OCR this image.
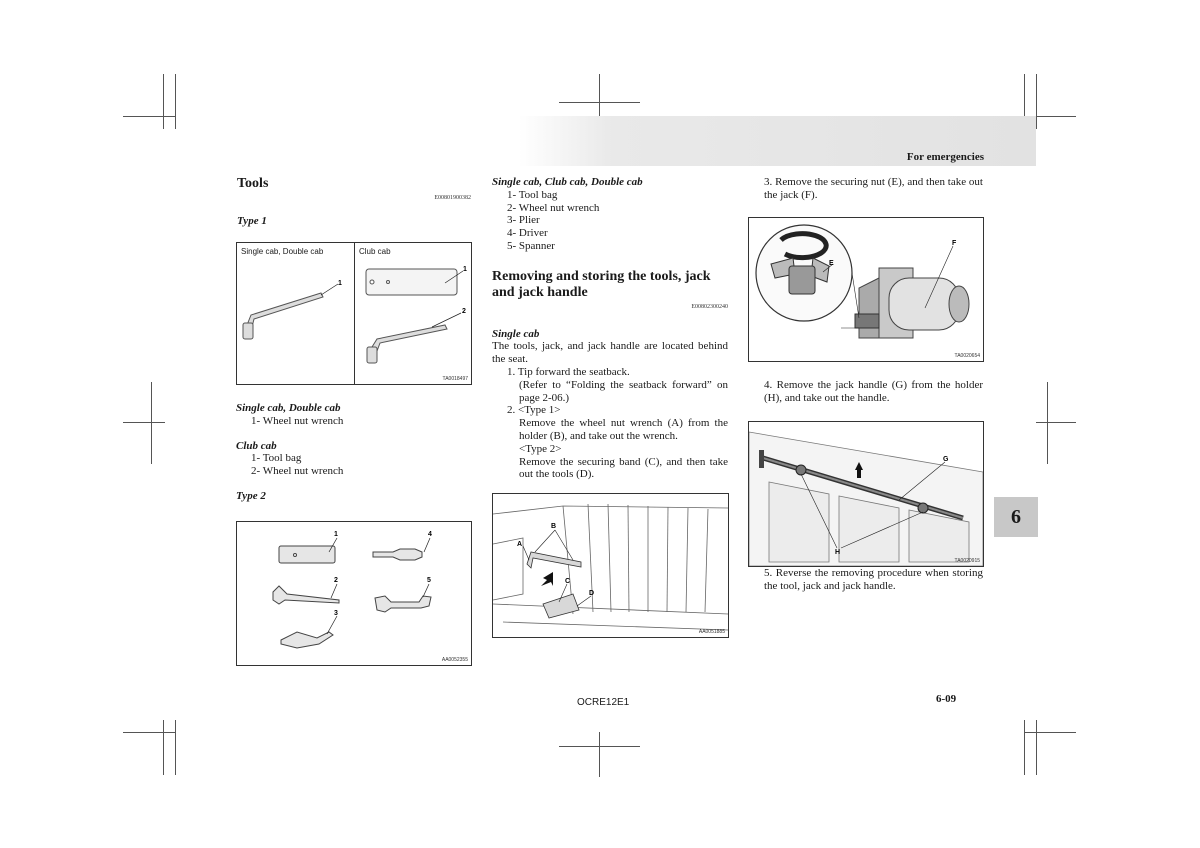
For emergencies
6
Tools
E00801900382
Type 1
Single cab, Double cab	Club cab
1
1
2
TA0018497
Single cab, Double cab
1- Wheel nut wrench
Club cab
1- Tool bag
2- Wheel nut wrench
Type 2
1
2
3
4
5
AA0052355
Single cab, Club cab, Double cab
1- Tool bag
2- Wheel nut wrench
3- Plier
4- Driver
5- Spanner
Removing and storing the tools, jack and jack handle
E00802300240
Single cab
The tools, jack, and jack handle are located behind the seat.
1. Tip forward the seatback.
(Refer to “Folding the seatback forward” on page 2-06.)
2. <Type 1>
Remove the wheel nut wrench (A) from the holder (B), and take out the wrench.
<Type 2>
Remove the securing band (C), and then take out the tools (D).
A
B
C
D
AA0051885
3. Remove the securing nut (E), and then take out the jack (F).
E
F
TA0020654
4. Remove the jack handle (G) from the holder (H), and take out the handle.
H
G
TA0020915
5. Reverse the removing procedure when storing the tool, jack and jack handle.
OCRE12E1	6-09
